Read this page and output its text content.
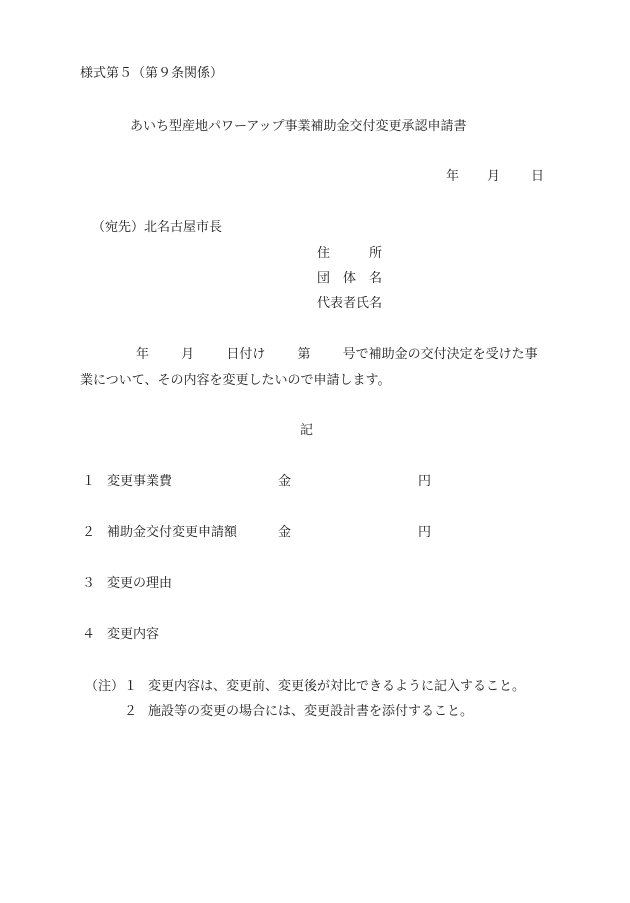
様式第５（第９条関係）
あいち型産地パワーアップ事業補助金交付変更承認申請書
年 月 日
（宛先）北名古屋市長
住　　　所
団　体　名
代表者氏名
年 月 日付け 第 号で補助金の交付決定を受けた事
業について、その内容を変更したいので申請します。
記
１ 変更事業費	金	円
２ 補助金交付変更申請額	金	円
３ 変更の理由
４ 変更内容
（注） １ 変更内容は、変更前、変更後が対比できるように記入すること。
２ 施設等の変更の場合には、変更設計書を添付すること。
